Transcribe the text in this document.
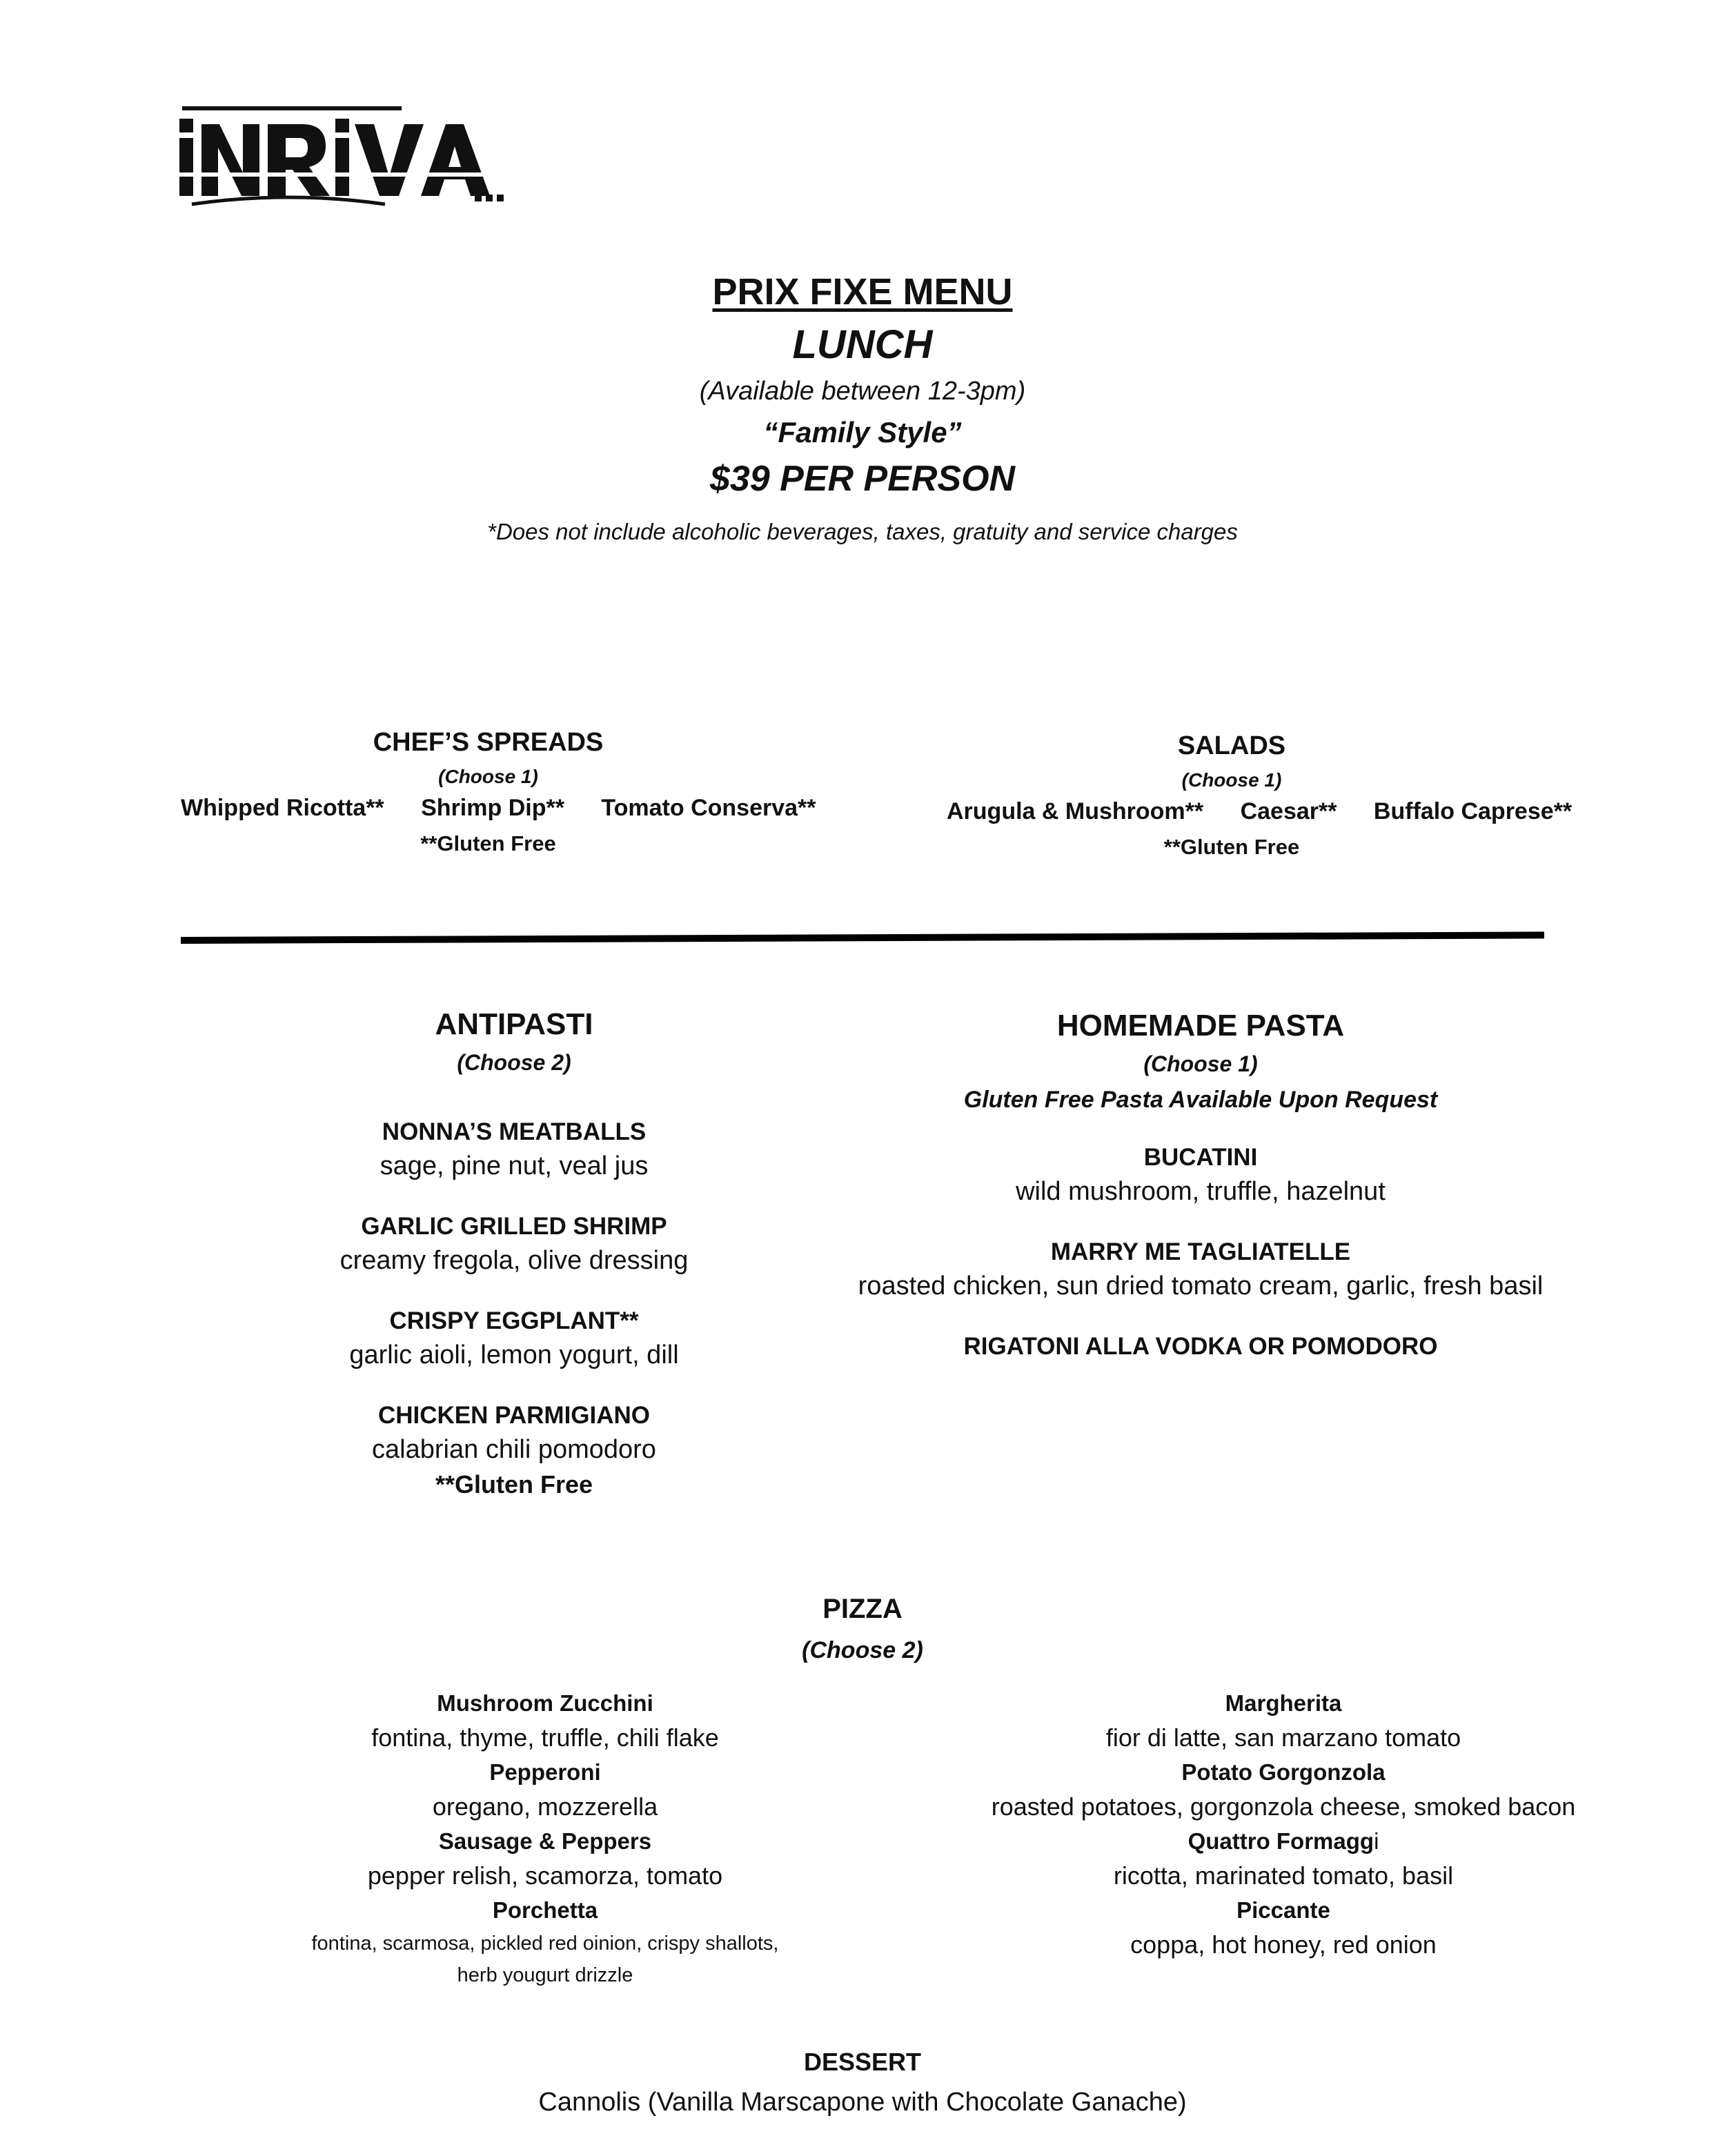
PRIX FIXE MENU
LUNCH
(Available between 12-3pm)
“Family Style”
$39 PER PERSON
*Does not include alcoholic beverages, taxes, gratuity and service charges
CHEF’S SPREADS
(Choose 1)
Whipped Ricotta** Shrimp Dip** Tomato Conserva**
**Gluten Free
SALADS
(Choose 1)
Arugula & Mushroom** Caesar** Buffalo Caprese**
**Gluten Free
ANTIPASTI
(Choose 2)
NONNA’S MEATBALLS
sage, pine nut, veal jus
GARLIC GRILLED SHRIMP
creamy fregola, olive dressing
CRISPY EGGPLANT**
garlic aioli, lemon yogurt, dill
CHICKEN PARMIGIANO
calabrian chili pomodoro
**Gluten Free
HOMEMADE PASTA
(Choose 1)
Gluten Free Pasta Available Upon Request
BUCATINI
wild mushroom, truffle, hazelnut
MARRY ME TAGLIATELLE
roasted chicken, sun dried tomato cream, garlic, fresh basil
RIGATONI ALLA VODKA OR POMODORO
PIZZA
(Choose 2)
Mushroom Zucchini
fontina, thyme, truffle, chili flake
Pepperoni
oregano, mozzerella
Sausage & Peppers
pepper relish, scamorza, tomato
Porchetta
fontina, scarmosa, pickled red oinion, crispy shallots,
herb yougurt drizzle
Margherita
fior di latte, san marzano tomato
Potato Gorgonzola
roasted potatoes, gorgonzola cheese, smoked bacon
Quattro Formaggi
ricotta, marinated tomato, basil
Piccante
coppa, hot honey, red onion
DESSERT
Cannolis (Vanilla Marscapone with Chocolate Ganache)
